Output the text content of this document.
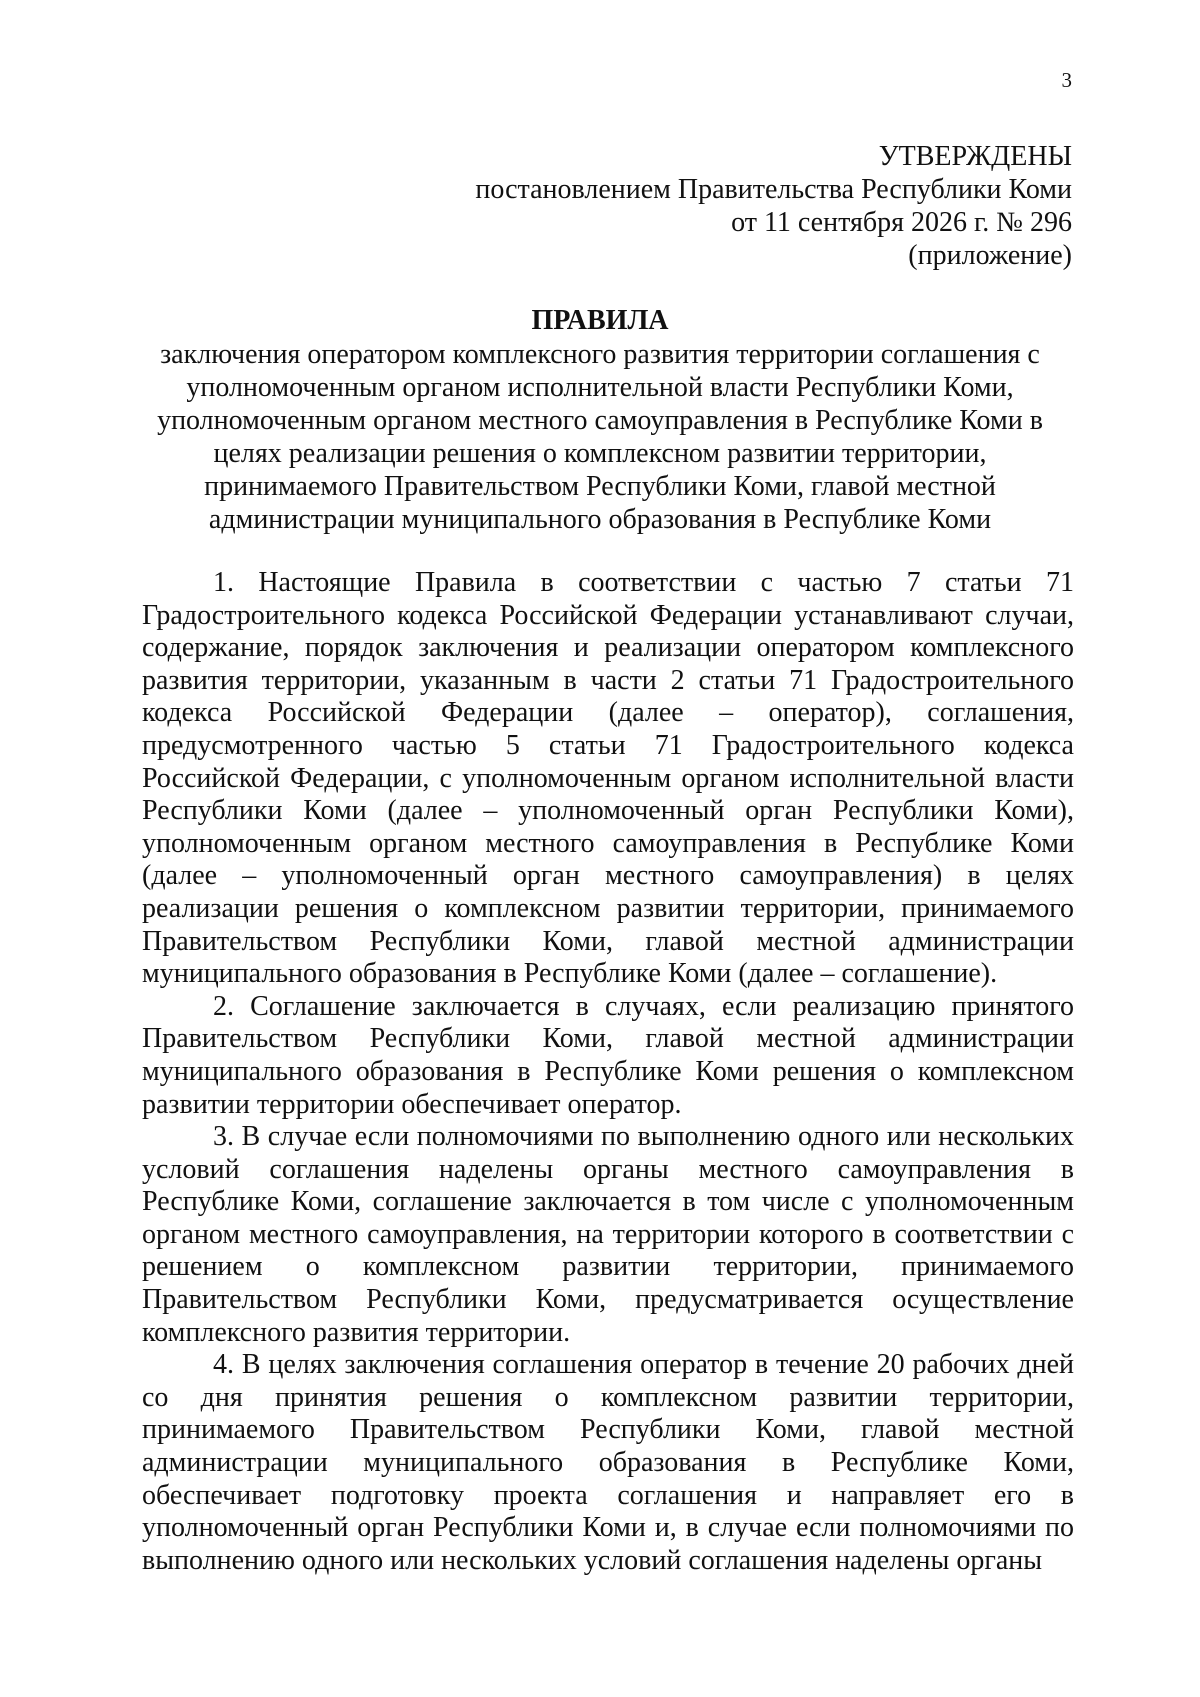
3
УТВЕРЖДЕНЫ
постановлением Правительства Республики Коми
от 11 сентября 2026 г. № 296
(приложение)
ПРАВИЛА
заключения оператором комплексного развития территории соглашения с уполномоченным органом исполнительной власти Республики Коми, уполномоченным органом местного самоуправления в Республике Коми в целях реализации решения о комплексном развитии территории, принимаемого Правительством Республики Коми, главой местной администрации муниципального образования в Республике Коми

1. Настоящие Правила в соответствии с частью 7 статьи 71 Градостроительного кодекса Российской Федерации устанавливают случаи, содержание, порядок заключения и реализации оператором комплексного развития территории, указанным в части 2 статьи 71 Градостроительного кодекса Российской Федерации (далее – оператор), соглашения, предусмотренного частью 5 статьи 71 Градостроительного кодекса Российской Федерации, с уполномоченным органом исполнительной власти Республики Коми (далее – уполномоченный орган Республики Коми), уполномоченным органом местного самоуправления в Республике Коми (далее – уполномоченный орган местного самоуправления) в целях реализации решения о комплексном развитии территории, принимаемого Правительством Республики Коми, главой местной администрации муниципального образования в Республике Коми (далее – соглашение).

2. Соглашение заключается в случаях, если реализацию принятого Правительством Республики Коми, главой местной администрации муниципального образования в Республике Коми решения о комплексном развитии территории обеспечивает оператор.

3. В случае если полномочиями по выполнению одного или нескольких условий соглашения наделены органы местного самоуправления в Республике Коми, соглашение заключается в том числе с уполномоченным органом местного самоуправления, на территории которого в соответствии с решением о комплексном развитии территории, принимаемого Правительством Республики Коми, предусматривается осуществление комплексного развития территории.

4. В целях заключения соглашения оператор в течение 20 рабочих дней со дня принятия решения о комплексном развитии территории, принимаемого Правительством Республики Коми, главой местной администрации муниципального образования в Республике Коми, обеспечивает подготовку проекта соглашения и направляет его в уполномоченный орган Республики Коми и, в случае если полномочиями по выполнению одного или нескольких условий соглашения наделены органы
